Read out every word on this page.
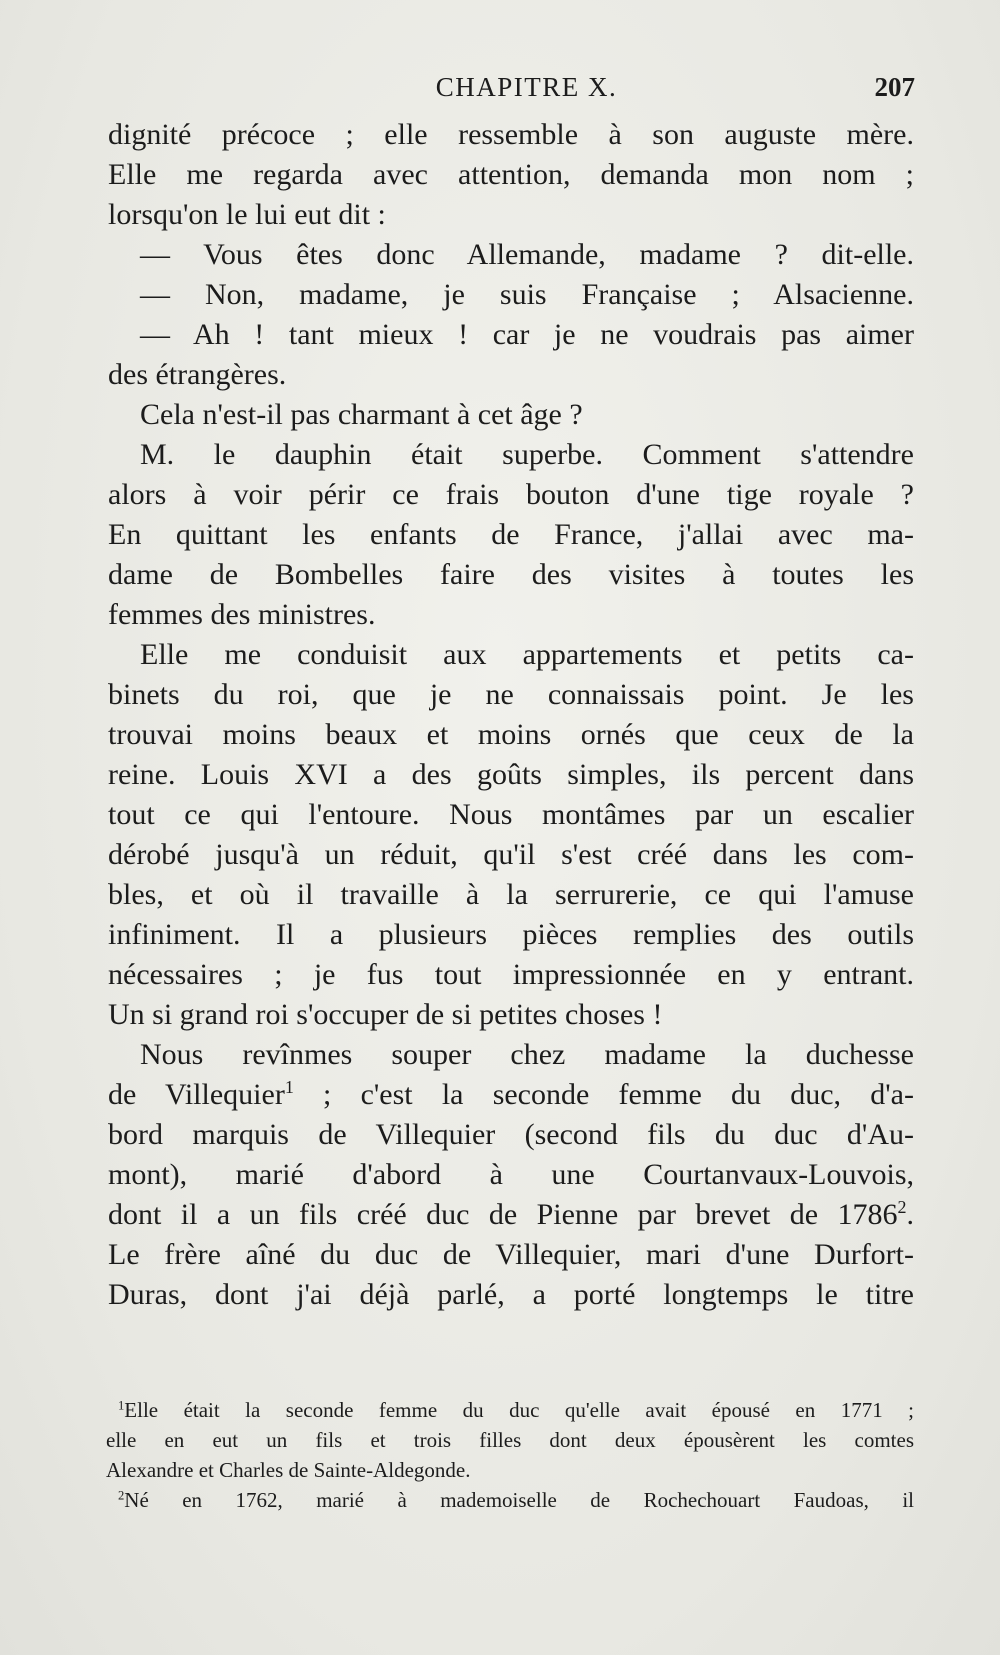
CHAPITRE X.	207
dignité précoce ; elle ressemble à son auguste mère.
Elle me regarda avec attention, demanda mon nom ;
lorsqu'on le lui eut dit :
— Vous êtes donc Allemande, madame ? dit-elle.
— Non, madame, je suis Française ; Alsacienne.
— Ah ! tant mieux ! car je ne voudrais pas aimer
des étrangères.
Cela n'est-il pas charmant à cet âge ?
M. le dauphin était superbe. Comment s'attendre
alors à voir périr ce frais bouton d'une tige royale ?
En quittant les enfants de France, j'allai avec ma-
dame de Bombelles faire des visites à toutes les
femmes des ministres.
Elle me conduisit aux appartements et petits ca-
binets du roi, que je ne connaissais point. Je les
trouvai moins beaux et moins ornés que ceux de la
reine. Louis XVI a des goûts simples, ils percent dans
tout ce qui l'entoure. Nous montâmes par un escalier
dérobé jusqu'à un réduit, qu'il s'est créé dans les com-
bles, et où il travaille à la serrurerie, ce qui l'amuse
infiniment. Il a plusieurs pièces remplies des outils
nécessaires ; je fus tout impressionnée en y entrant.
Un si grand roi s'occuper de si petites choses !
Nous revînmes souper chez madame la duchesse
de Villequier$^1$ ; c'est la seconde femme du duc, d'a-
bord marquis de Villequier (second fils du duc d'Au-
mont), marié d'abord à une Courtanvaux-Louvois,
dont il a un fils créé duc de Pienne par brevet de 1786$^2$.
Le frère aîné du duc de Villequier, mari d'une Durfort-
Duras, dont j'ai déjà parlé, a porté longtemps le titre
$^1$Elle était la seconde femme du duc qu'elle avait épousé en 1771 ;
elle en eut un fils et trois filles dont deux épousèrent les comtes
Alexandre et Charles de Sainte-Aldegonde.
$^2$Né en 1762, marié à mademoiselle de Rochechouart Faudoas, il
